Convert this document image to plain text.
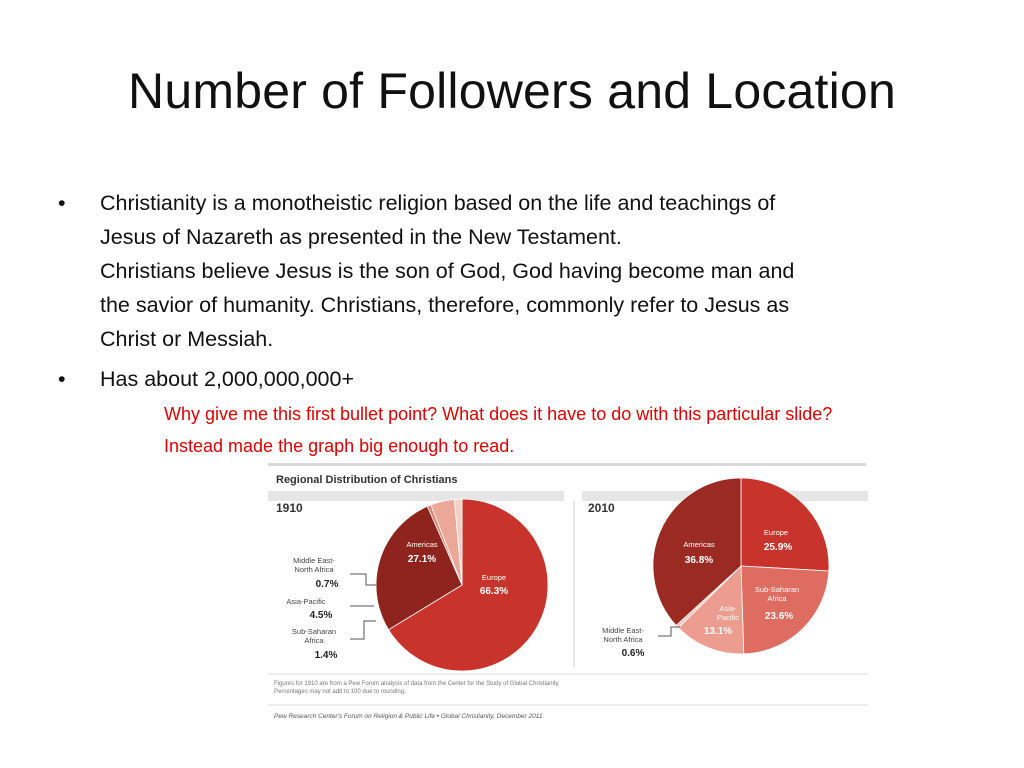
Number of Followers and Location
• Christianity is a monotheistic religion based on the life and teachings of
Jesus of Nazareth as presented in the New Testament.
Christians believe Jesus is the son of God, God having become man and
the savior of humanity. Christians, therefore, commonly refer to Jesus as
Christ or Messiah.
• Has about 2,000,000,000+
Why give me this first bullet point? What does it have to do with this particular slide?
Instead made the graph big enough to read.
Regional Distribution of Christians
1910	2010
Americas
27.1%
Europe
66.3%
Middle East-North Africa
0.7%
Asia-Pacific
4.5%
Sub-Saharan Africa
1.4%
Europe
25.9%
Sub-Saharan Africa
23.6%
Asia-Pacific
13.1%
Americas
36.8%
Middle East-North Africa
0.6%
Figures for 1910 are from a Pew Forum analysis of data from the Center for the Study of Global Christianity.
Percentages may not add to 100 due to rounding.
Pew Research Center's Forum on Religion & Public Life • Global Christianity, December 2011
